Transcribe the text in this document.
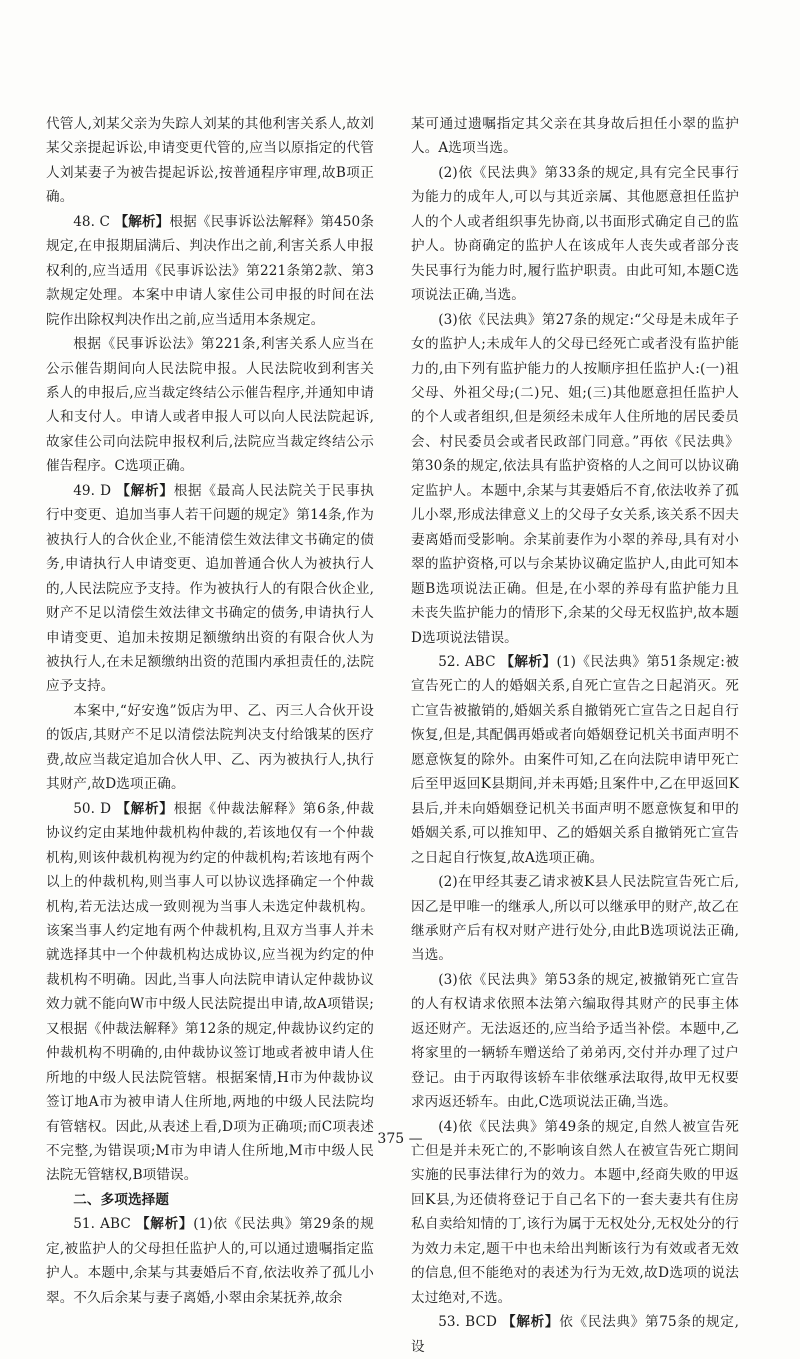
代管人,刘某父亲为失踪人刘某的其他利害关系人,故刘某父亲提起诉讼,申请变更代管的,应当以原指定的代管人刘某妻子为被告提起诉讼,按普通程序审理,故B项正确。

48. C 【解析】根据《民事诉讼法解释》第450条规定,在申报期届满后、判决作出之前,利害关系人申报权利的,应当适用《民事诉讼法》第221条第2款、第3款规定处理。本案中申请人家佳公司申报的时间在法院作出除权判决作出之前,应当适用本条规定。

根据《民事诉讼法》第221条,利害关系人应当在公示催告期间向人民法院申报。人民法院收到利害关系人的申报后,应当裁定终结公示催告程序,并通知申请人和支付人。申请人或者申报人可以向人民法院起诉,故家佳公司向法院申报权利后,法院应当裁定终结公示催告程序。C选项正确。

49. D 【解析】根据《最高人民法院关于民事执行中变更、追加当事人若干问题的规定》第14条,作为被执行人的合伙企业,不能清偿生效法律文书确定的债务,申请执行人申请变更、追加普通合伙人为被执行人的,人民法院应予支持。作为被执行人的有限合伙企业,财产不足以清偿生效法律文书确定的债务,申请执行人申请变更、追加未按期足额缴纳出资的有限合伙人为被执行人,在未足额缴纳出资的范围内承担责任的,法院应予支持。

本案中,“好安逸”饭店为甲、乙、丙三人合伙开设的饭店,其财产不足以清偿法院判决支付给饿某的医疗费,故应当裁定追加合伙人甲、乙、丙为被执行人,执行其财产,故D选项正确。

50. D 【解析】根据《仲裁法解释》第6条,仲裁协议约定由某地仲裁机构仲裁的,若该地仅有一个仲裁机构,则该仲裁机构视为约定的仲裁机构;若该地有两个以上的仲裁机构,则当事人可以协议选择确定一个仲裁机构,若无法达成一致则视为当事人未选定仲裁机构。该案当事人约定地有两个仲裁机构,且双方当事人并未就选择其中一个仲裁机构达成协议,应当视为约定的仲裁机构不明确。因此,当事人向法院申请认定仲裁协议效力就不能向W市中级人民法院提出申请,故A项错误;又根据《仲裁法解释》第12条的规定,仲裁协议约定的仲裁机构不明确的,由仲裁协议签订地或者被申请人住所地的中级人民法院管辖。根据案情,H市为仲裁协议签订地A市为被申请人住所地,两地的中级人民法院均有管辖权。因此,从表述上看,D项为正确项;而C项表述不完整,为错误项;M市为申请人住所地,M市中级人民法院无管辖权,B项错误。

二、多项选择题

51. ABC 【解析】(1)依《民法典》第29条的规定,被监护人的父母担任监护人的,可以通过遗嘱指定监护人。本题中,余某与其妻婚后不育,依法收养了孤儿小翠。不久后余某与妻子离婚,小翠由余某抚养,故余

某可通过遗嘱指定其父亲在其身故后担任小翠的监护人。A选项当选。

(2)依《民法典》第33条的规定,具有完全民事行为能力的成年人,可以与其近亲属、其他愿意担任监护人的个人或者组织事先协商,以书面形式确定自己的监护人。协商确定的监护人在该成年人丧失或者部分丧失民事行为能力时,履行监护职责。由此可知,本题C选项说法正确,当选。

(3)依《民法典》第27条的规定:“父母是未成年子女的监护人;未成年人的父母已经死亡或者没有监护能力的,由下列有监护能力的人按顺序担任监护人:(一)祖父母、外祖父母;(二)兄、姐;(三)其他愿意担任监护人的个人或者组织,但是须经未成年人住所地的居民委员会、村民委员会或者民政部门同意。”再依《民法典》第30条的规定,依法具有监护资格的人之间可以协议确定监护人。本题中,余某与其妻婚后不育,依法收养了孤儿小翠,形成法律意义上的父母子女关系,该关系不因夫妻离婚而受影响。余某前妻作为小翠的养母,具有对小翠的监护资格,可以与余某协议确定监护人,由此可知本题B选项说法正确。但是,在小翠的养母有监护能力且未丧失监护能力的情形下,余某的父母无权监护,故本题D选项说法错误。

52. ABC 【解析】(1)《民法典》第51条规定:被宣告死亡的人的婚姻关系,自死亡宣告之日起消灭。死亡宣告被撤销的,婚姻关系自撤销死亡宣告之日起自行恢复,但是,其配偶再婚或者向婚姻登记机关书面声明不愿意恢复的除外。由案件可知,乙在向法院申请甲死亡后至甲返回K县期间,并未再婚;且案件中,乙在甲返回K县后,并未向婚姻登记机关书面声明不愿意恢复和甲的婚姻关系,可以推知甲、乙的婚姻关系自撤销死亡宣告之日起自行恢复,故A选项正确。

(2)在甲经其妻乙请求被K县人民法院宣告死亡后,因乙是甲唯一的继承人,所以可以继承甲的财产,故乙在继承财产后有权对财产进行处分,由此B选项说法正确,当选。

(3)依《民法典》第53条的规定,被撤销死亡宣告的人有权请求依照本法第六编取得其财产的民事主体返还财产。无法返还的,应当给予适当补偿。本题中,乙将家里的一辆轿车赠送给了弟弟丙,交付并办理了过户登记。由于丙取得该轿车非依继承法取得,故甲无权要求丙返还轿车。由此,C选项说法正确,当选。

(4)依《民法典》第49条的规定,自然人被宣告死亡但是并未死亡的,不影响该自然人在被宣告死亡期间实施的民事法律行为的效力。本题中,经商失败的甲返回K县,为还债将登记于自己名下的一套夫妻共有住房私自卖给知情的丁,该行为属于无权处分,无权处分的行为效力未定,题干中也未给出判断该行为有效或者无效的信息,但不能绝对的表述为行为无效,故D选项的说法太过绝对,不选。

53. BCD 【解析】依《民法典》第75条的规定,设

375 —
